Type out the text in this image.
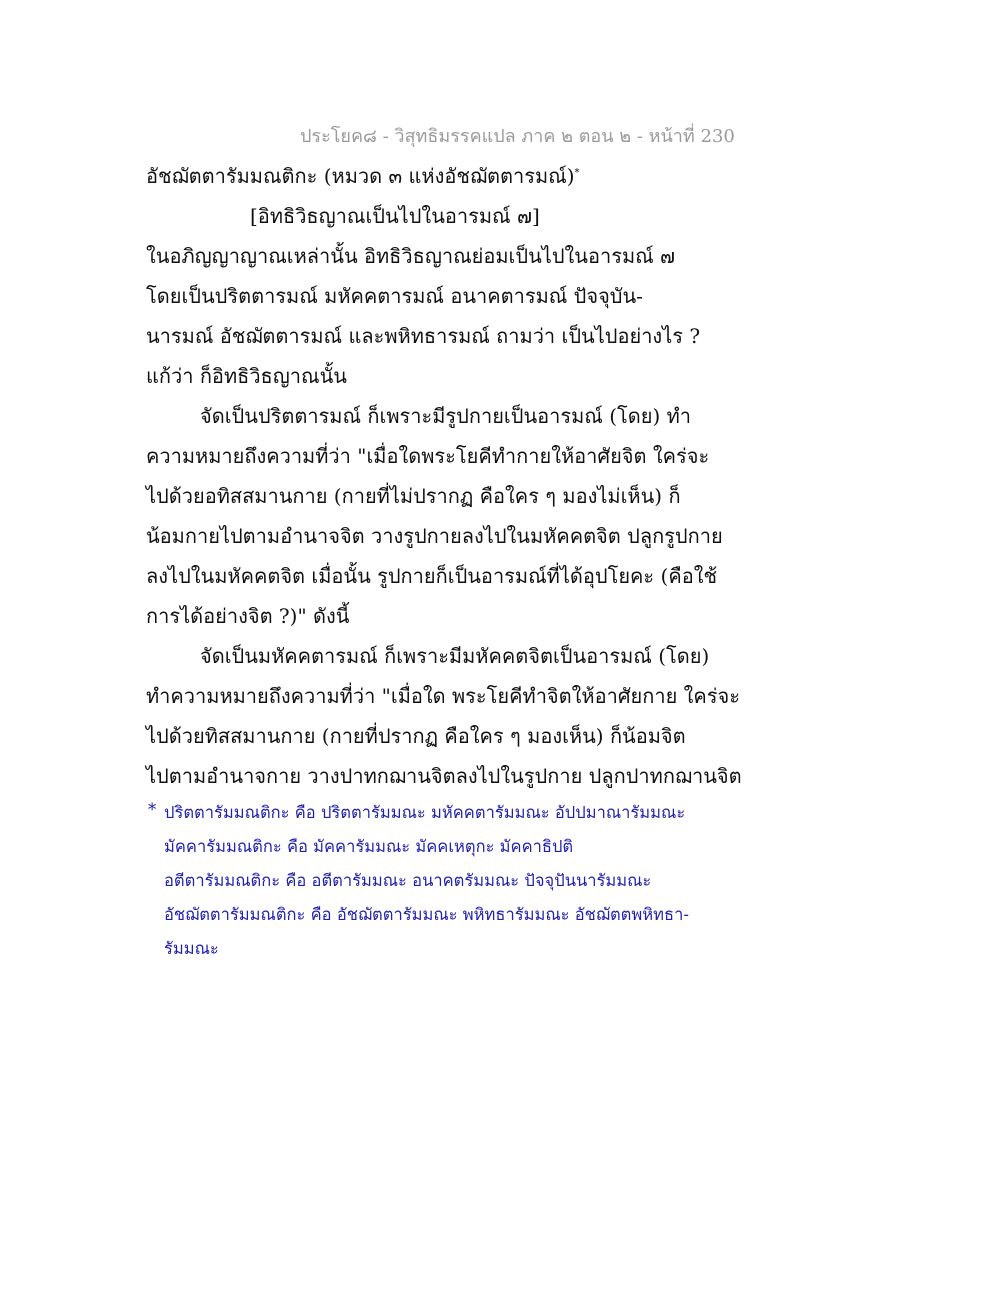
ประโยค๘ - วิสุทธิมรรคแปล ภาค ๒ ตอน ๒ - หน้าที่ 230
อัชฌัตตารัมมณติกะ (หมวด ๓ แห่งอัชฌัตตารมณ์)*
[อิทธิวิธญาณเป็นไปในอารมณ์ ๗]
ในอภิญญาญาณเหล่านั้น อิทธิวิธญาณย่อมเป็นไปในอารมณ์ ๗
โดยเป็นปริตตารมณ์ มหัคคตารมณ์ อนาคตารมณ์ ปัจจุบัน-
นารมณ์ อัชฌัตตารมณ์ และพหิทธารมณ์ ถามว่า เป็นไปอย่างไร ?
แก้ว่า ก็อิทธิวิธญาณนั้น
จัดเป็นปริตตารมณ์ ก็เพราะมีรูปกายเป็นอารมณ์ (โดย) ทำ
ความหมายถึงความที่ว่า "เมื่อใดพระโยคีทำกายให้อาศัยจิต ใคร่จะ
ไปด้วยอทิสสมานกาย (กายที่ไม่ปรากฏ คือใคร ๆ มองไม่เห็น) ก็
น้อมกายไปตามอำนาจจิต วางรูปกายลงไปในมหัคคตจิต ปลูกรูปกาย
ลงไปในมหัคคตจิต เมื่อนั้น รูปกายก็เป็นอารมณ์ที่ได้อุปโยคะ (คือใช้
การได้อย่างจิต ?)" ดังนี้
จัดเป็นมหัคคตารมณ์ ก็เพราะมีมหัคคตจิตเป็นอารมณ์ (โดย)
ทำความหมายถึงความที่ว่า "เมื่อใด พระโยคีทำจิตให้อาศัยกาย ใคร่จะ
ไปด้วยทิสสมานกาย (กายที่ปรากฏ คือใคร ๆ มองเห็น) ก็น้อมจิต
ไปตามอำนาจกาย วางปาทกฌานจิตลงไปในรูปกาย ปลูกปาทกฌานจิต
* ปริตตารัมมณติกะ คือ ปริตตารัมมณะ มหัคคตารัมมณะ อัปปมาณารัมมณะ
มัคคารัมมณติกะ คือ มัคคารัมมณะ มัคคเหตุกะ มัคคาธิปติ
อตีตารัมมณติกะ คือ อตีตารัมมณะ อนาคตรัมมณะ ปัจจุปันนารัมมณะ
อัชฌัตตารัมมณติกะ คือ อัชฌัตตารัมมณะ พหิทธารัมมณะ อัชฌัตตพหิทธา-
รัมมณะ
